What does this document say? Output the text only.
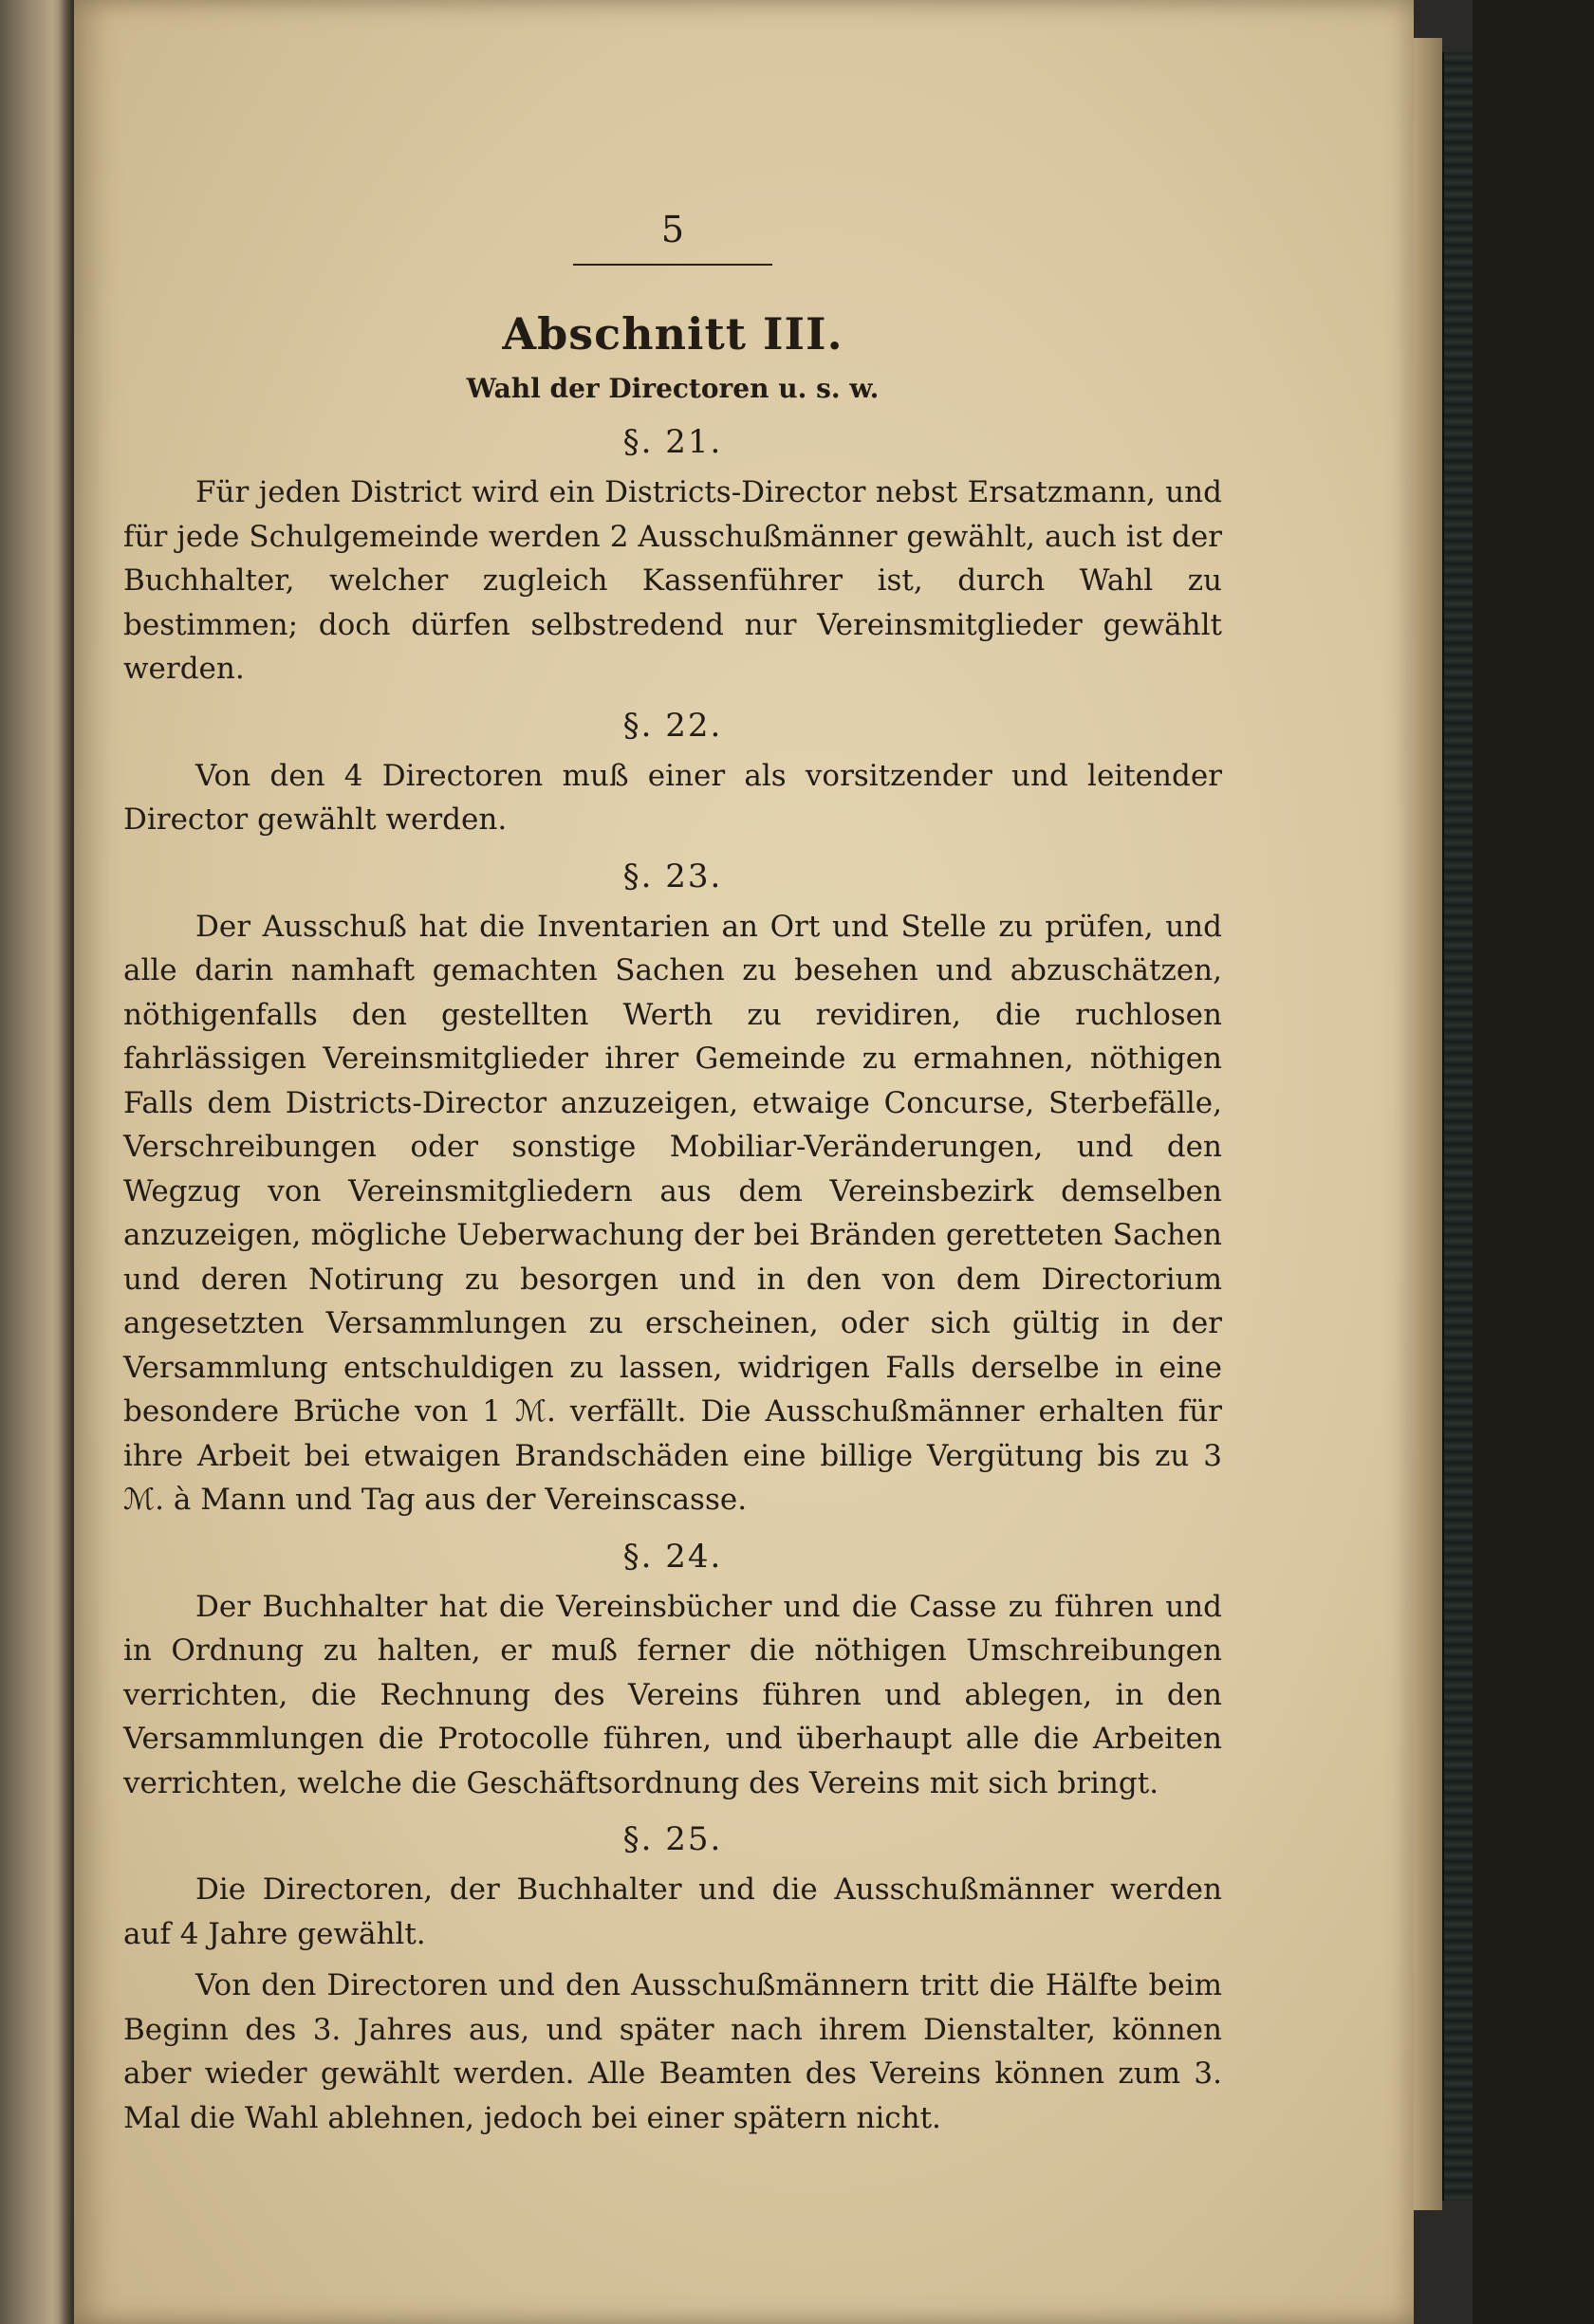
5
Abschnitt III.
Wahl der Directoren u. s. w.
§. 21.

Für jeden District wird ein Districts-Director nebst Ersatzmann, und für jede Schulgemeinde werden 2 Ausschußmänner gewählt, auch ist der Buchhalter, welcher zugleich Kassenführer ist, durch Wahl zu bestimmen; doch dürfen selbstredend nur Vereinsmitglieder gewählt werden.

§. 22.

Von den 4 Directoren muß einer als vorsitzender und leitender Director gewählt werden.

§. 23.

Der Ausschuß hat die Inventarien an Ort und Stelle zu prüfen, und alle darin namhaft gemachten Sachen zu besehen und abzuschätzen, nöthigenfalls den gestellten Werth zu revidiren, die ruchlosen fahrlässigen Vereinsmitglieder ihrer Gemeinde zu ermahnen, nöthigen Falls dem Districts-Director anzuzeigen, etwaige Concurse, Sterbefälle, Verschreibungen oder sonstige Mobiliar-Veränderungen, und den Wegzug von Vereinsmitgliedern aus dem Vereinsbezirk demselben anzuzeigen, mögliche Ueberwachung der bei Bränden geretteten Sachen und deren Notirung zu besorgen und in den von dem Directorium angesetzten Versammlungen zu erscheinen, oder sich gültig in der Versammlung entschuldigen zu lassen, widrigen Falls derselbe in eine besondere Brüche von 1 ℳ. verfällt. Die Ausschußmänner erhalten für ihre Arbeit bei etwaigen Brandschäden eine billige Vergütung bis zu 3 ℳ. à Mann und Tag aus der Vereinscasse.

§. 24.

Der Buchhalter hat die Vereinsbücher und die Casse zu führen und in Ordnung zu halten, er muß ferner die nöthigen Umschreibungen verrichten, die Rechnung des Vereins führen und ablegen, in den Versammlungen die Protocolle führen, und überhaupt alle die Arbeiten verrichten, welche die Geschäftsordnung des Vereins mit sich bringt.

§. 25.

Die Directoren, der Buchhalter und die Ausschußmänner werden auf 4 Jahre gewählt.

Von den Directoren und den Ausschußmännern tritt die Hälfte beim Beginn des 3. Jahres aus, und später nach ihrem Dienstalter, können aber wieder gewählt werden. Alle Beamten des Vereins können zum 3. Mal die Wahl ablehnen, jedoch bei einer spätern nicht.
